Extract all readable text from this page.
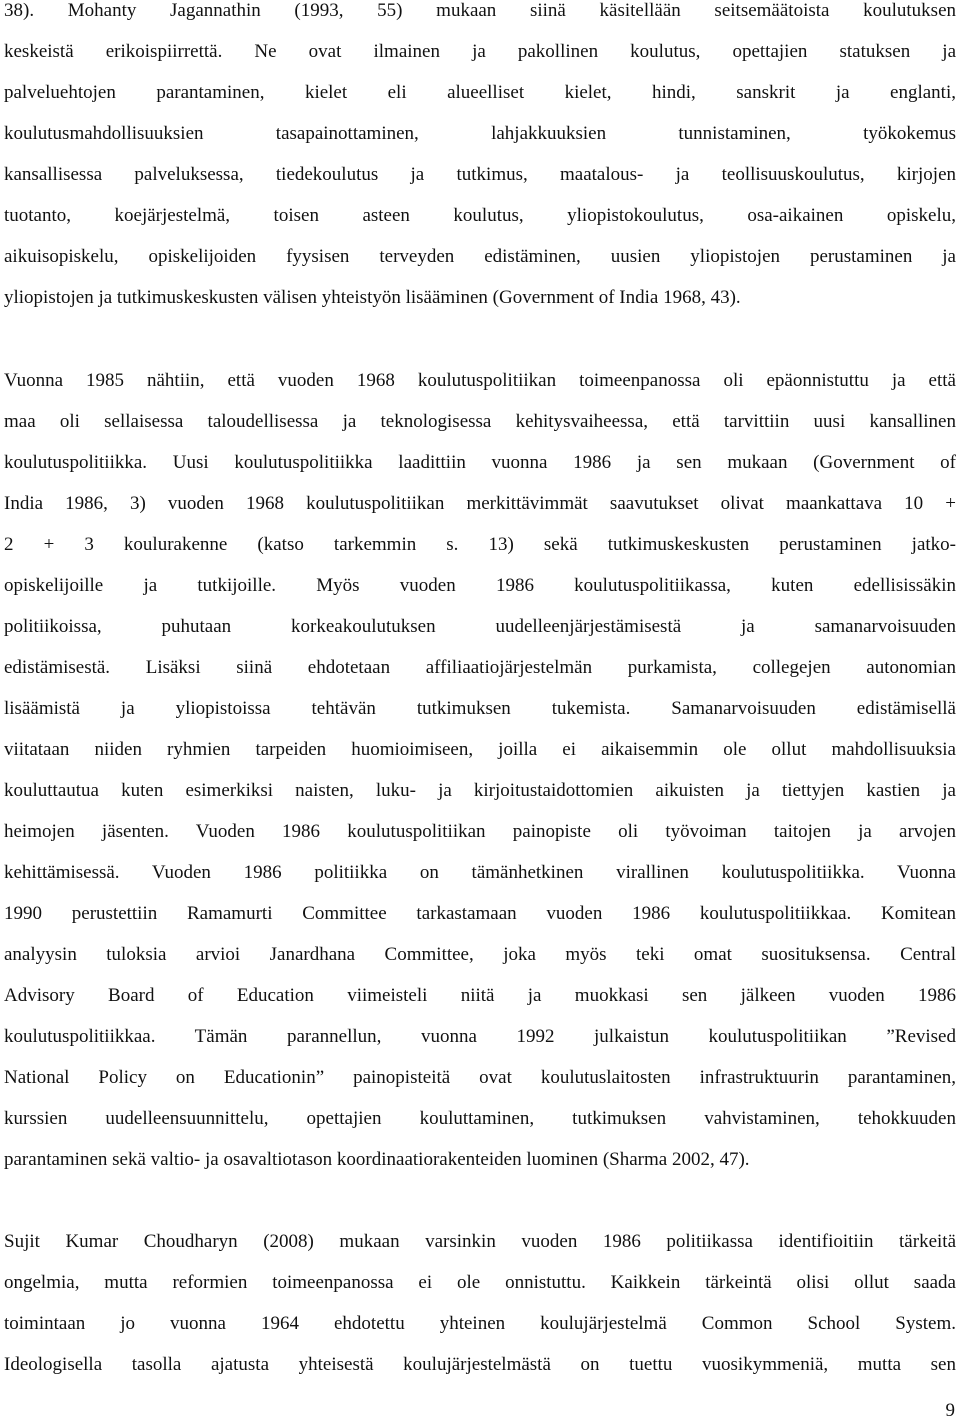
38). Mohanty Jagannathin (1993, 55) mukaan siinä käsitellään seitsemäätoista koulutuksen
keskeistä erikoispiirrettä. Ne ovat ilmainen ja pakollinen koulutus, opettajien statuksen ja
palveluehtojen parantaminen, kielet eli alueelliset kielet, hindi, sanskrit ja englanti,
koulutusmahdollisuuksien tasapainottaminen, lahjakkuuksien tunnistaminen, työkokemus
kansallisessa palveluksessa, tiedekoulutus ja tutkimus, maatalous- ja teollisuuskoulutus, kirjojen
tuotanto, koejärjestelmä, toisen asteen koulutus, yliopistokoulutus, osa-aikainen opiskelu,
aikuisopiskelu, opiskelijoiden fyysisen terveyden edistäminen, uusien yliopistojen perustaminen ja
yliopistojen ja tutkimuskeskusten välisen yhteistyön lisääminen (Government of India 1968, 43).
Vuonna 1985 nähtiin, että vuoden 1968 koulutuspolitiikan toimeenpanossa oli epäonnistuttu ja että
maa oli sellaisessa taloudellisessa ja teknologisessa kehitysvaiheessa, että tarvittiin uusi kansallinen
koulutuspolitiikka. Uusi koulutuspolitiikka laadittiin vuonna 1986 ja sen mukaan (Government of
India 1986, 3) vuoden 1968 koulutuspolitiikan merkittävimmät saavutukset olivat maankattava 10 +
2 + 3 koulurakenne (katso tarkemmin s. 13) sekä tutkimuskeskusten perustaminen jatko-
opiskelijoille ja tutkijoille. Myös vuoden 1986 koulutuspolitiikassa, kuten edellisissäkin
politiikoissa, puhutaan korkeakoulutuksen uudelleenjärjestämisestä ja samanarvoisuuden
edistämisestä. Lisäksi siinä ehdotetaan affiliaatiojärjestelmän purkamista, collegejen autonomian
lisäämistä ja yliopistoissa tehtävän tutkimuksen tukemista. Samanarvoisuuden edistämisellä
viitataan niiden ryhmien tarpeiden huomioimiseen, joilla ei aikaisemmin ole ollut mahdollisuuksia
kouluttautua kuten esimerkiksi naisten, luku- ja kirjoitustaidottomien aikuisten ja tiettyjen kastien ja
heimojen jäsenten. Vuoden 1986 koulutuspolitiikan painopiste oli työvoiman taitojen ja arvojen
kehittämisessä. Vuoden 1986 politiikka on tämänhetkinen virallinen koulutuspolitiikka. Vuonna
1990 perustettiin Ramamurti Committee tarkastamaan vuoden 1986 koulutuspolitiikkaa. Komitean
analyysin tuloksia arvioi Janardhana Committee, joka myös teki omat suosituksensa. Central
Advisory Board of Education viimeisteli niitä ja muokkasi sen jälkeen vuoden 1986
koulutuspolitiikkaa. Tämän parannellun, vuonna 1992 julkaistun koulutuspolitiikan ”Revised
National Policy on Educationin” painopisteitä ovat koulutuslaitosten infrastruktuurin parantaminen,
kurssien uudelleensuunnittelu, opettajien kouluttaminen, tutkimuksen vahvistaminen, tehokkuuden
parantaminen sekä valtio- ja osavaltiotason koordinaatiorakenteiden luominen (Sharma 2002, 47).
Sujit Kumar Choudharyn (2008) mukaan varsinkin vuoden 1986 politiikassa identifioitiin tärkeitä
ongelmia, mutta reformien toimeenpanossa ei ole onnistuttu. Kaikkein tärkeintä olisi ollut saada
toimintaan jo vuonna 1964 ehdotettu yhteinen koulujärjestelmä Common School System.
Ideologisella tasolla ajatusta yhteisestä koulujärjestelmästä on tuettu vuosikymmeniä, mutta sen
9
